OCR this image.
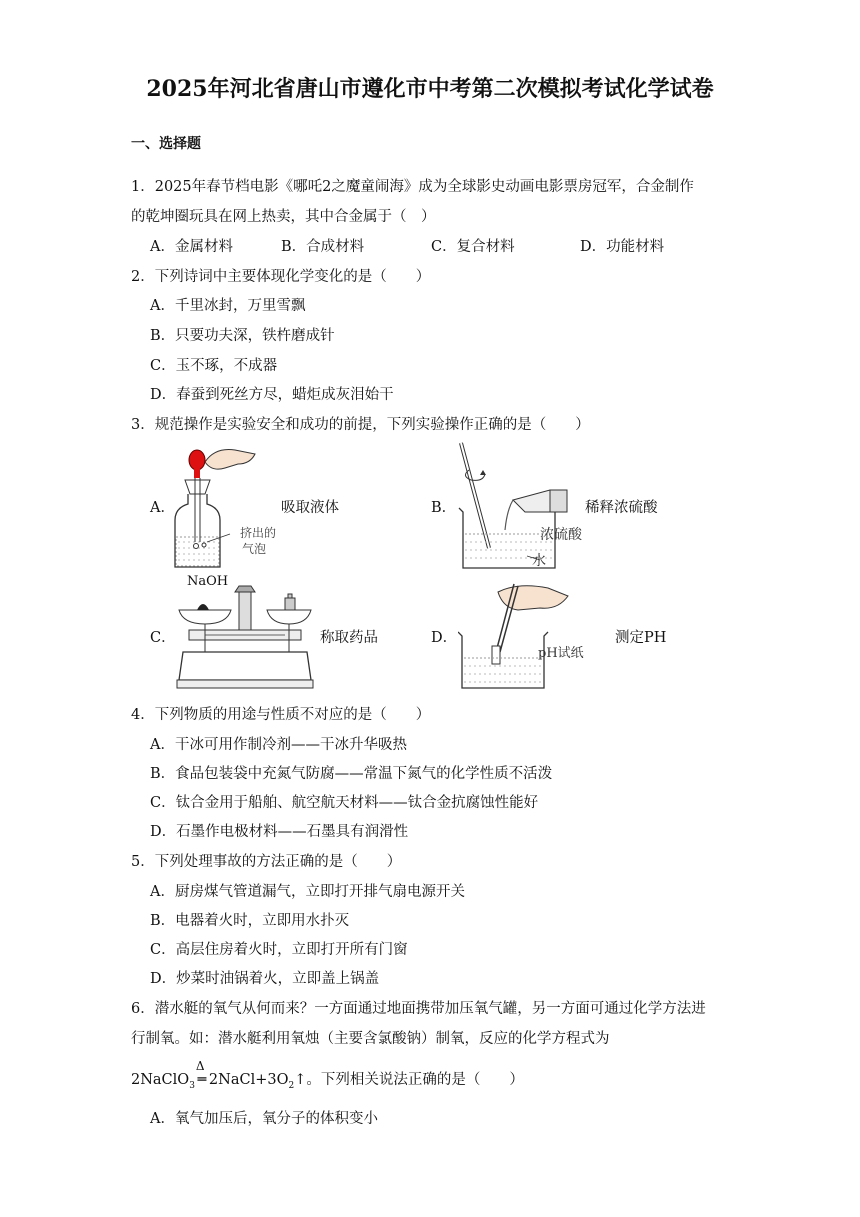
2025年河北省唐山市遵化市中考第二次模拟考试化学试卷
一、选择题
1．2025年春节档电影《哪吒2之魔童闹海》成为全球影史动画电影票房冠军，合金制作
的乾坤圈玩具在网上热卖，其中合金属于（　）
A．金属材料	B．合成材料	C．复合材料	D．功能材料
2．下列诗词中主要体现化学变化的是（　　）
A．千里冰封，万里雪飘
B．只要功夫深，铁杵磨成针
C．玉不琢，不成器
D．春蚕到死丝方尽，蜡炬成灰泪始干
3．规范操作是实验安全和成功的前提，下列实验操作正确的是（　　）
A．	吸取液体	B．	稀释浓硫酸
C．	称取药品	D．	测定PH
挤出的
气泡
浓硫酸
水
NaOH
pH试纸
4．下列物质的用途与性质不对应的是（　　）
A．干冰可用作制冷剂——干冰升华吸热
B．食品包装袋中充氮气防腐——常温下氮气的化学性质不活泼
C．钛合金用于船舶、航空航天材料——钛合金抗腐蚀性能好
D．石墨作电极材料——石墨具有润滑性
5．下列处理事故的方法正确的是（　　）
A．厨房煤气管道漏气，立即打开排气扇电源开关
B．电器着火时，立即用水扑灭
C．高层住房着火时，立即打开所有门窗
D．炒菜时油锅着火，立即盖上锅盖
6．潜水艇的氧气从何而来？一方面通过地面携带加压氧气罐，另一方面可通过化学方法进
行制氧。如：潜水艇利用氧烛（主要含氯酸钠）制氧，反应的化学方程式为
2NaClO$_3$
Δ
═ $2NaCl+3O_2↑$。下列相关说法正确的是（　　）
A．氧气加压后，氧分子的体积变小
